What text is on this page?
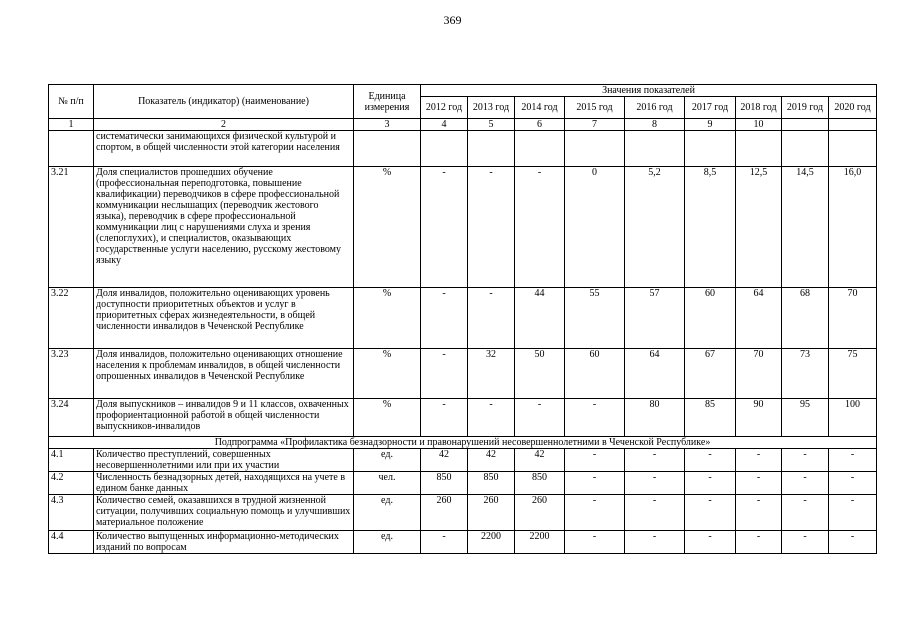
369
№ п/п	Показатель (индикатор) (наименование)	Единица измерения	Значения показателей								
			2012 год	2013 год	2014 год	2015 год	2016 год	2017 год	2018 год	2019 год	2020 год
1	2	3	4	5	6	7	8	9	10		
	систематически занимающихся физической культурой и спортом, в общей численности этой категории населения										
3.21	Доля специалистов прошедших обучение (профессиональная переподготовка, повышение квалификации) переводчиков в сфере профессиональной коммуникации неслышащих (переводчик жестового языка), переводчик в сфере профессиональной коммуникации лиц с нарушениями слуха и зрения (слепоглухих), и специалистов, оказывающих государственные услуги населению, русскому жестовому языку	%	-	-	-	0	5,2	8,5	12,5	14,5	16,0
3.22	Доля инвалидов, положительно оценивающих уровень доступности приоритетных объектов и услуг в приоритетных сферах жизнедеятельности, в общей численности инвалидов в Чеченской Республике	%	-	-	44	55	57	60	64	68	70
3.23	Доля инвалидов, положительно оценивающих отношение населения к проблемам инвалидов, в общей численности опрошенных инвалидов в Чеченской Республике	%	-	32	50	60	64	67	70	73	75
3.24	Доля выпускников – инвалидов 9 и 11 классов, охваченных профориентационной работой в общей численности выпускников-инвалидов	%	-	-	-	-	80	85	90	95	100
Подпрограмма «Профилактика безнадзорности и правонарушений несовершеннолетними в Чеченской Республике»											
4.1	Количество преступлений, совершенных несовершеннолетними или при их участии	ед.	42	42	42	-	-	-	-	-	-
4.2	Численность безнадзорных детей, находящихся на учете в едином банке данных	чел.	850	850	850	-	-	-	-	-	-
4.3	Количество семей, оказавшихся в трудной жизненной ситуации, получивших социальную помощь и улучшивших материальное положение	ед.	260	260	260	-	-	-	-	-	-
4.4	Количество выпущенных информационно-методических изданий по вопросам	ед.	-	2200	2200	-	-	-	-	-	-
